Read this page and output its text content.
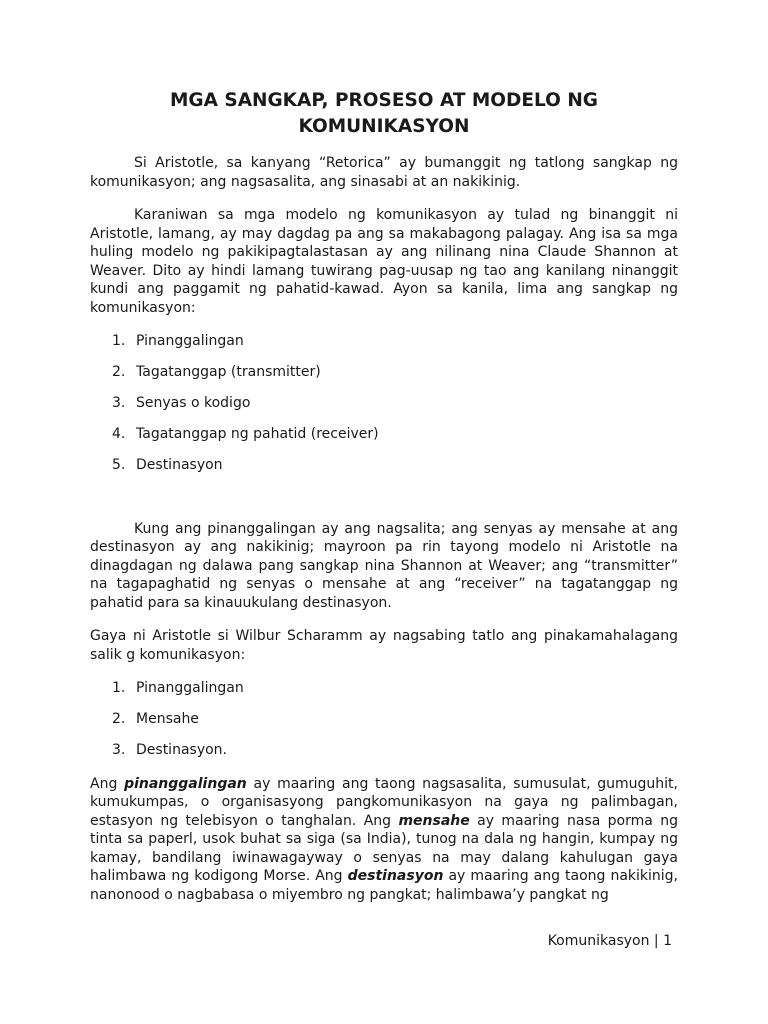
MGA SANGKAP, PROSESO AT MODELO NG
KOMUNIKASYON

Si Aristotle, sa kanyang “Retorica” ay bumanggit ng tatlong sangkap ng komunikasyon; ang nagsasalita, ang sinasabi at an nakikinig.

Karaniwan sa mga modelo ng komunikasyon ay tulad ng binanggit ni Aristotle, lamang, ay may dagdag pa ang sa makabagong palagay. Ang isa sa mga huling modelo ng pakikipagtalastasan ay ang nilinang nina Claude Shannon at Weaver. Dito ay hindi lamang tuwirang pag-uusap ng tao ang kanilang ninanggit kundi ang paggamit ng pahatid-kawad. Ayon sa kanila, lima ang sangkap ng komunikasyon:

1. Pinanggalingan
2. Tagatanggap (transmitter)
3. Senyas o kodigo
4. Tagatanggap ng pahatid (receiver)
5. Destinasyon

Kung ang pinanggalingan ay ang nagsalita; ang senyas ay mensahe at ang destinasyon ay ang nakikinig; mayroon pa rin tayong modelo ni Aristotle na dinagdagan ng dalawa pang sangkap nina Shannon at Weaver; ang “transmitter” na tagapaghatid ng senyas o mensahe at ang “receiver” na tagatanggap ng pahatid para sa kinauukulang destinasyon.

Gaya ni Aristotle si Wilbur Scharamm ay nagsabing tatlo ang pinakamahalagang salik g komunikasyon:

1. Pinanggalingan
2. Mensahe
3. Destinasyon.

Ang pinanggalingan ay maaring ang taong nagsasalita, sumusulat, gumuguhit, kumukumpas, o organisasyong pangkomunikasyon na gaya ng palimbagan, estasyon ng telebisyon o tanghalan. Ang mensahe ay maaring nasa porma ng tinta sa paperl, usok buhat sa siga (sa India), tunog na dala ng hangin, kumpay ng kamay, bandilang iwinawagayway o senyas na may dalang kahulugan gaya halimbawa ng kodigong Morse. Ang destinasyon ay maaring ang taong nakikinig, nanonood o nagbabasa o miyembro ng pangkat; halimbawa’y pangkat ng

Komunikasyon | 1
